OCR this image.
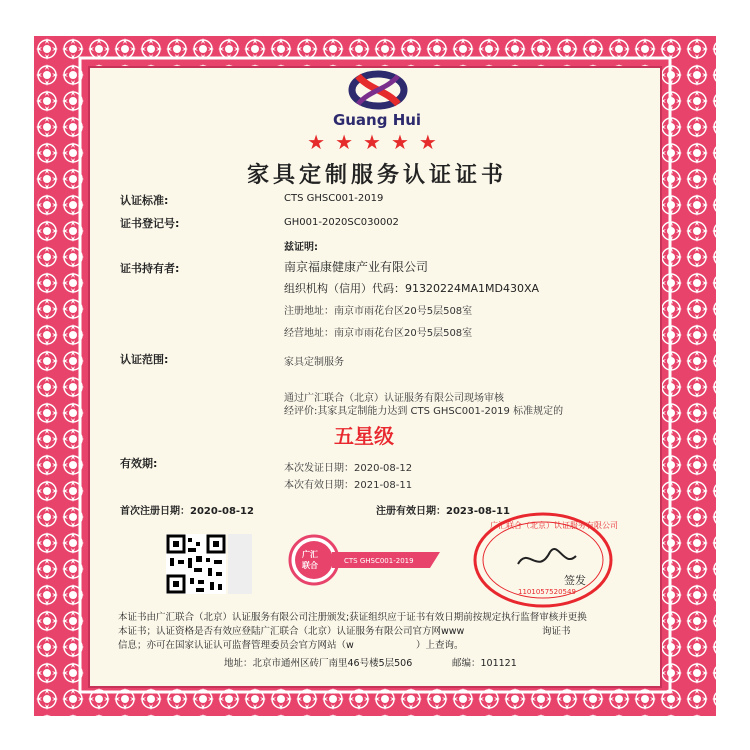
Guang Hui
★★★★★
家具定制服务认证证书
认证标准:	CTS GHSC001-2019
证书登记号:	GH001-2020SC030002
兹证明:
证书持有者:	南京福康健康产业有限公司
组织机构（信用）代码：91320224MA1MD430XA
注册地址：南京市雨花台区20号5层508室
经营地址：南京市雨花台区20号5层508室
认证范围:	家具定制服务
通过广汇联合（北京）认证服务有限公司现场审核
经评价:其家具定制能力达到 CTS GHSC001-2019 标准规定的
五星级
有效期:	本次发证日期：2020-08-12
本次有效日期：2021-08-11
首次注册日期：2020-08-12	注册有效日期：2023-08-11
广汇
联合	CTS GHSC001-2019
广汇联合（北京）认证服务有限公司
1101057520549
签发
本证书由广汇联合（北京）认证服务有限公司注册颁发;获证组织应于证书有效日期前按规定执行监督审核并更换
本证书；认证资格是否有效应登陆广汇联合（北京）认证服务有限公司官方网www	询证书
信息；亦可在国家认证认可监督管理委员会官方网站（w	）上查询。
地址：北京市通州区砖厂南里46号楼5层506	邮编：101121
